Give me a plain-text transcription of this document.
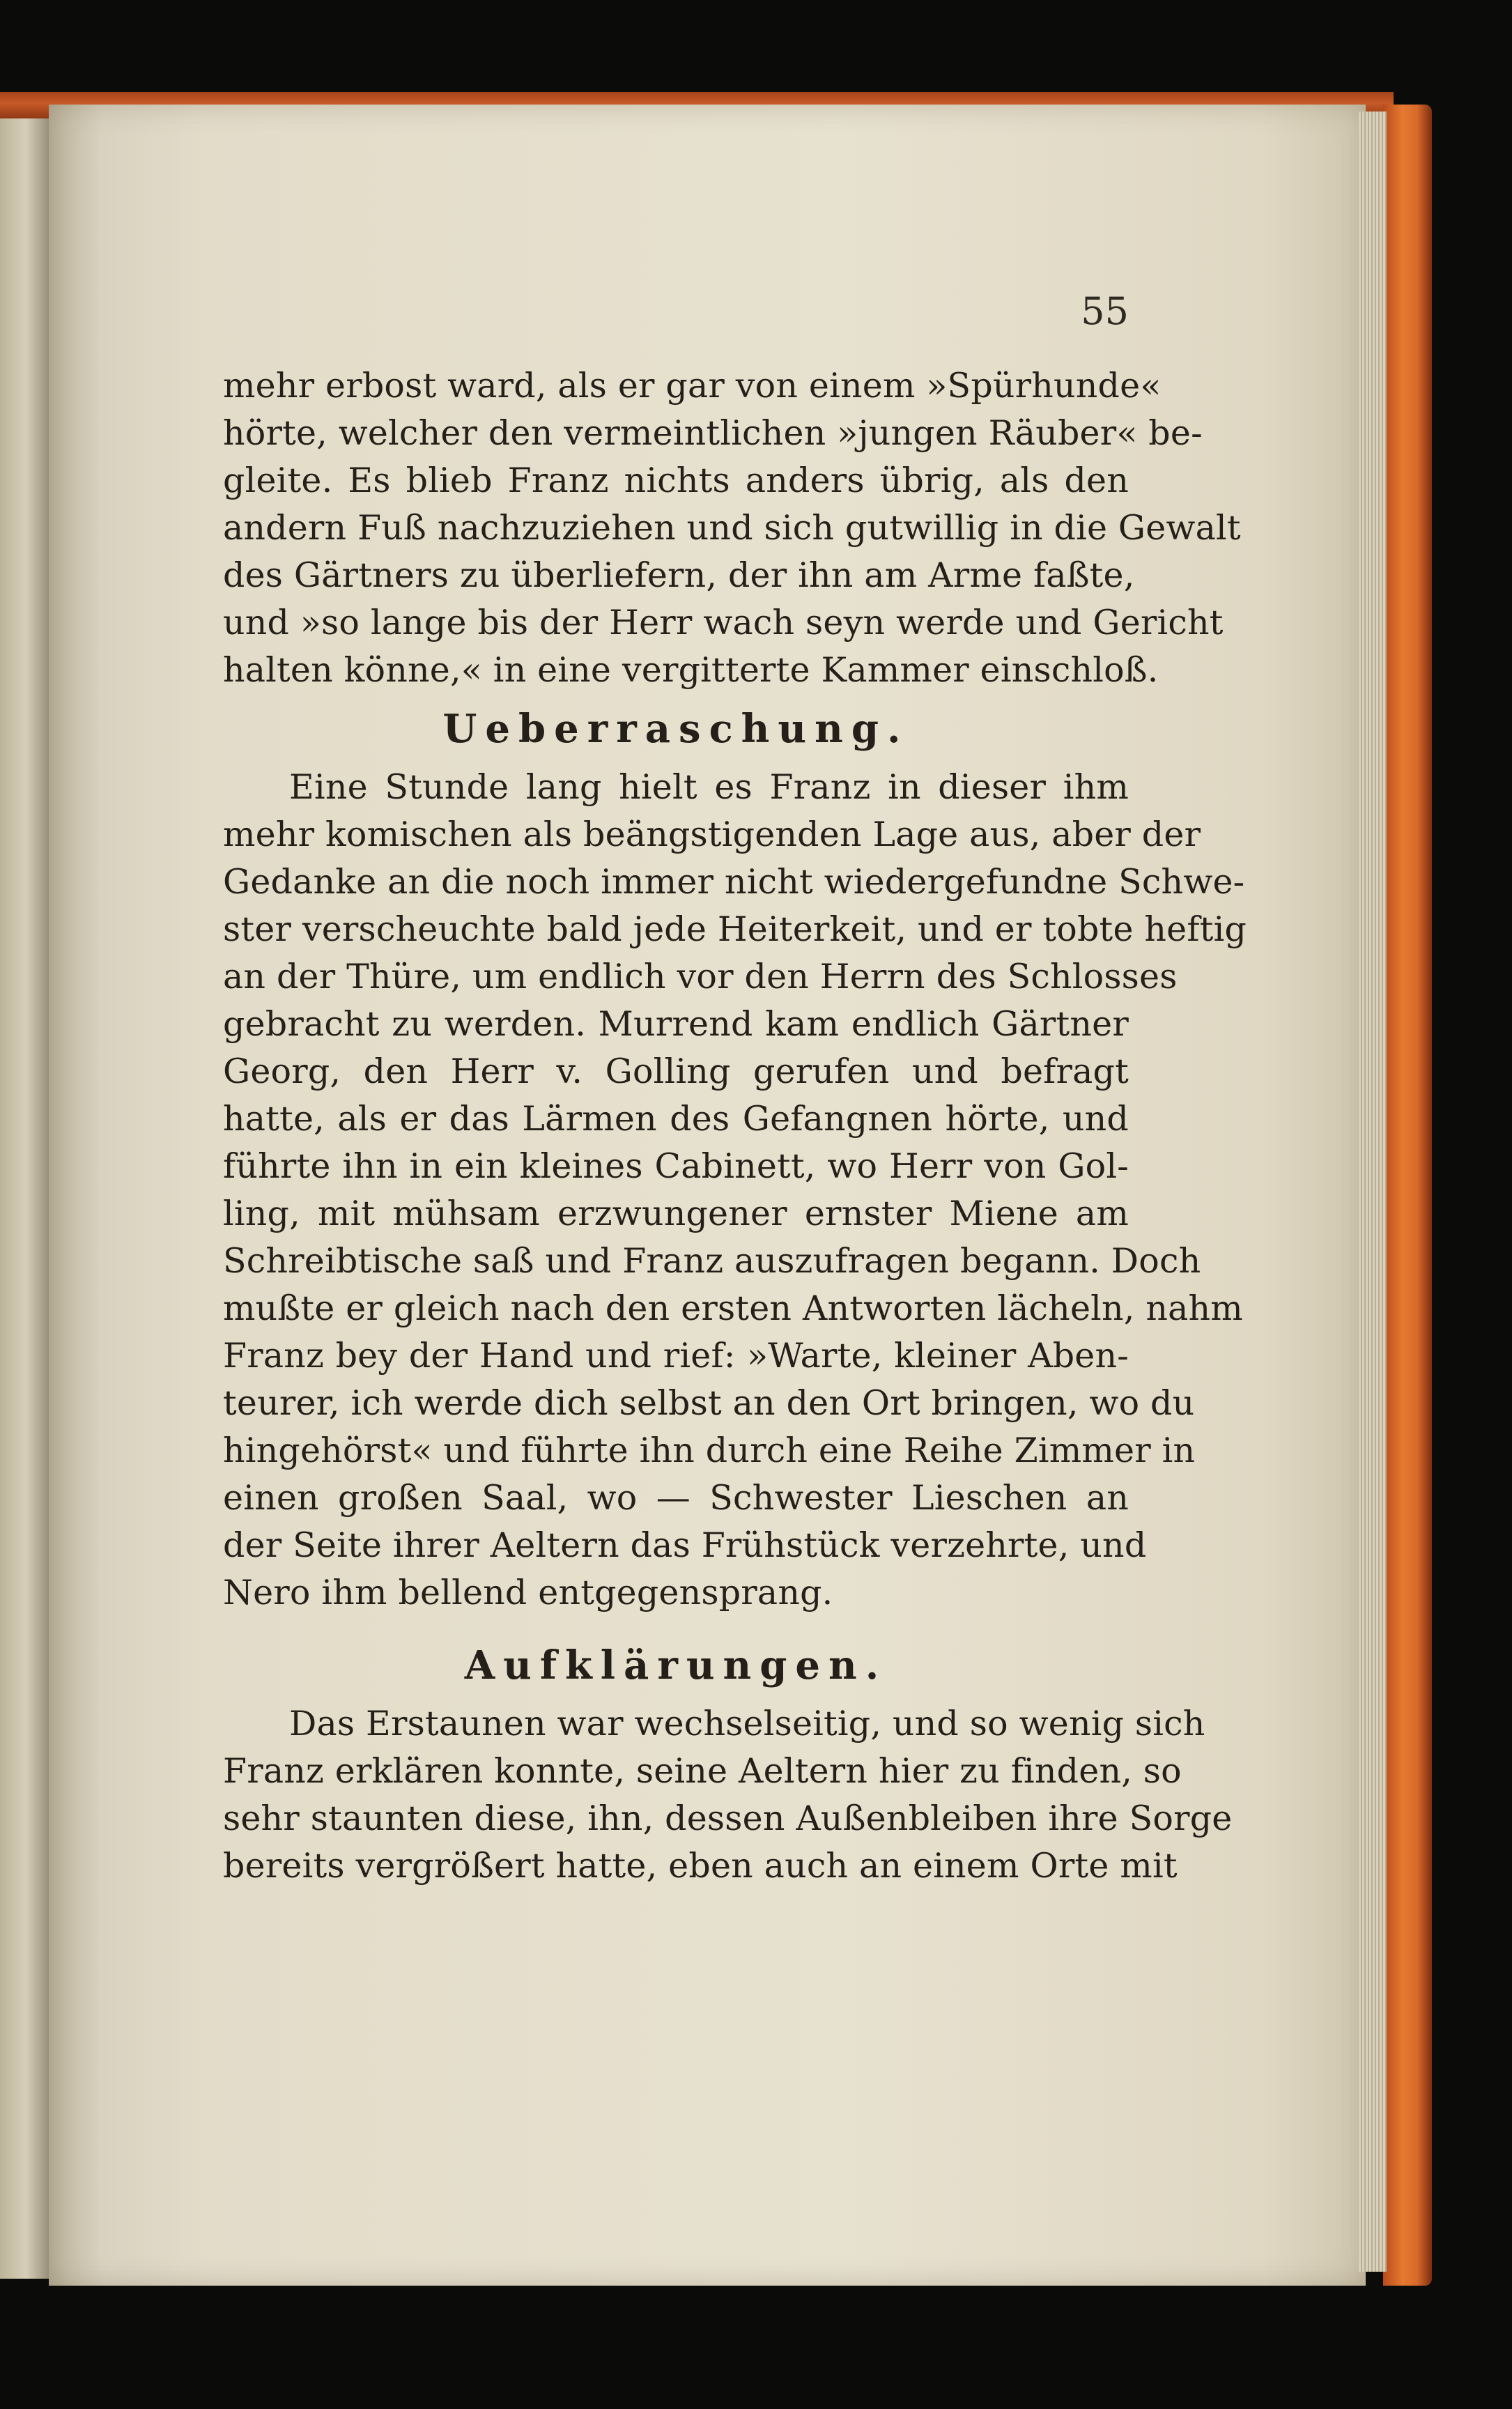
55
mehr erbost ward, als er gar von einem »Spürhunde«
hörte, welcher den vermeintlichen »jungen Räuber« be-
gleite. Es blieb Franz nichts anders übrig, als den
andern Fuß nachzuziehen und sich gutwillig in die Gewalt
des Gärtners zu überliefern, der ihn am Arme faßte,
und »so lange bis der Herr wach seyn werde und Gericht
halten könne,« in eine vergitterte Kammer einschloß.
Ueberraschung.
Eine Stunde lang hielt es Franz in dieser ihm
mehr komischen als beängstigenden Lage aus, aber der
Gedanke an die noch immer nicht wiedergefundne Schwe-
ster verscheuchte bald jede Heiterkeit, und er tobte heftig
an der Thüre, um endlich vor den Herrn des Schlosses
gebracht zu werden. Murrend kam endlich Gärtner
Georg, den Herr v. Golling gerufen und befragt
hatte, als er das Lärmen des Gefangnen hörte, und
führte ihn in ein kleines Cabinett, wo Herr von Gol-
ling, mit mühsam erzwungener ernster Miene am
Schreibtische saß und Franz auszufragen begann. Doch
mußte er gleich nach den ersten Antworten lächeln, nahm
Franz bey der Hand und rief: »Warte, kleiner Aben-
teurer, ich werde dich selbst an den Ort bringen, wo du
hingehörst« und führte ihn durch eine Reihe Zimmer in
einen großen Saal, wo — Schwester Lieschen an
der Seite ihrer Aeltern das Frühstück verzehrte, und
Nero ihm bellend entgegensprang.
Aufklärungen.
Das Erstaunen war wechselseitig, und so wenig sich
Franz erklären konnte, seine Aeltern hier zu finden, so
sehr staunten diese, ihn, dessen Außenbleiben ihre Sorge
bereits vergrößert hatte, eben auch an einem Orte mit
